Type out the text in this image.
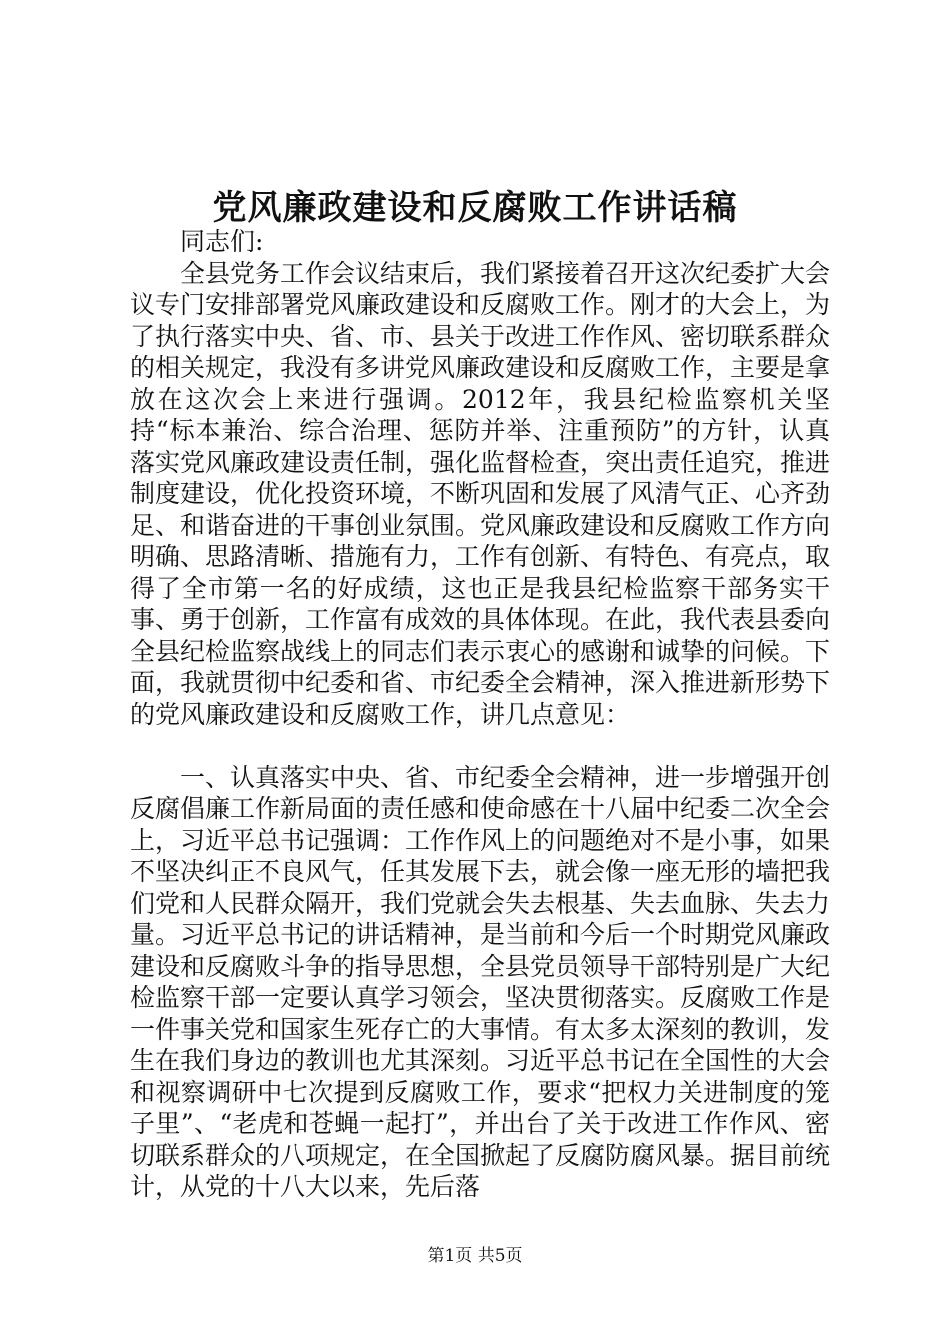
党风廉政建设和反腐败工作讲话稿

同志们:

全县党务工作会议结束后，我们紧接着召开这次纪委扩大会议专门安排部署党风廉政建设和反腐败工作。刚才的大会上，为了执行落实中央、省、市、县关于改进工作作风、密切联系群众的相关规定，我没有多讲党风廉政建设和反腐败工作，主要是拿放在这次会上来进行强调。2012年，我县纪检监察机关坚持“标本兼治、综合治理、惩防并举、注重预防”的方针，认真落实党风廉政建设责任制，强化监督检查，突出责任追究，推进制度建设，优化投资环境，不断巩固和发展了风清气正、心齐劲足、和谐奋进的干事创业氛围。党风廉政建设和反腐败工作方向明确、思路清晰、措施有力，工作有创新、有特色、有亮点，取得了全市第一名的好成绩，这也正是我县纪检监察干部务实干事、勇于创新，工作富有成效的具体体现。在此，我代表县委向全县纪检监察战线上的同志们表示衷心的感谢和诚挚的问候。下面，我就贯彻中纪委和省、市纪委全会精神，深入推进新形势下的党风廉政建设和反腐败工作，讲几点意见：

一、认真落实中央、省、市纪委全会精神，进一步增强开创反腐倡廉工作新局面的责任感和使命感在十八届中纪委二次全会上，习近平总书记强调：工作作风上的问题绝对不是小事，如果不坚决纠正不良风气，任其发展下去，就会像一座无形的墙把我们党和人民群众隔开，我们党就会失去根基、失去血脉、失去力量。习近平总书记的讲话精神，是当前和今后一个时期党风廉政建设和反腐败斗争的指导思想，全县党员领导干部特别是广大纪检监察干部一定要认真学习领会，坚决贯彻落实。反腐败工作是一件事关党和国家生死存亡的大事情。有太多太深刻的教训，发生在我们身边的教训也尤其深刻。习近平总书记在全国性的大会和视察调研中七次提到反腐败工作，要求“把权力关进制度的笼子里”、“老虎和苍蝇一起打”，并出台了关于改进工作作风、密切联系群众的八项规定，在全国掀起了反腐防腐风暴。据目前统计，从党的十八大以来，先后落

第1页 共5页
